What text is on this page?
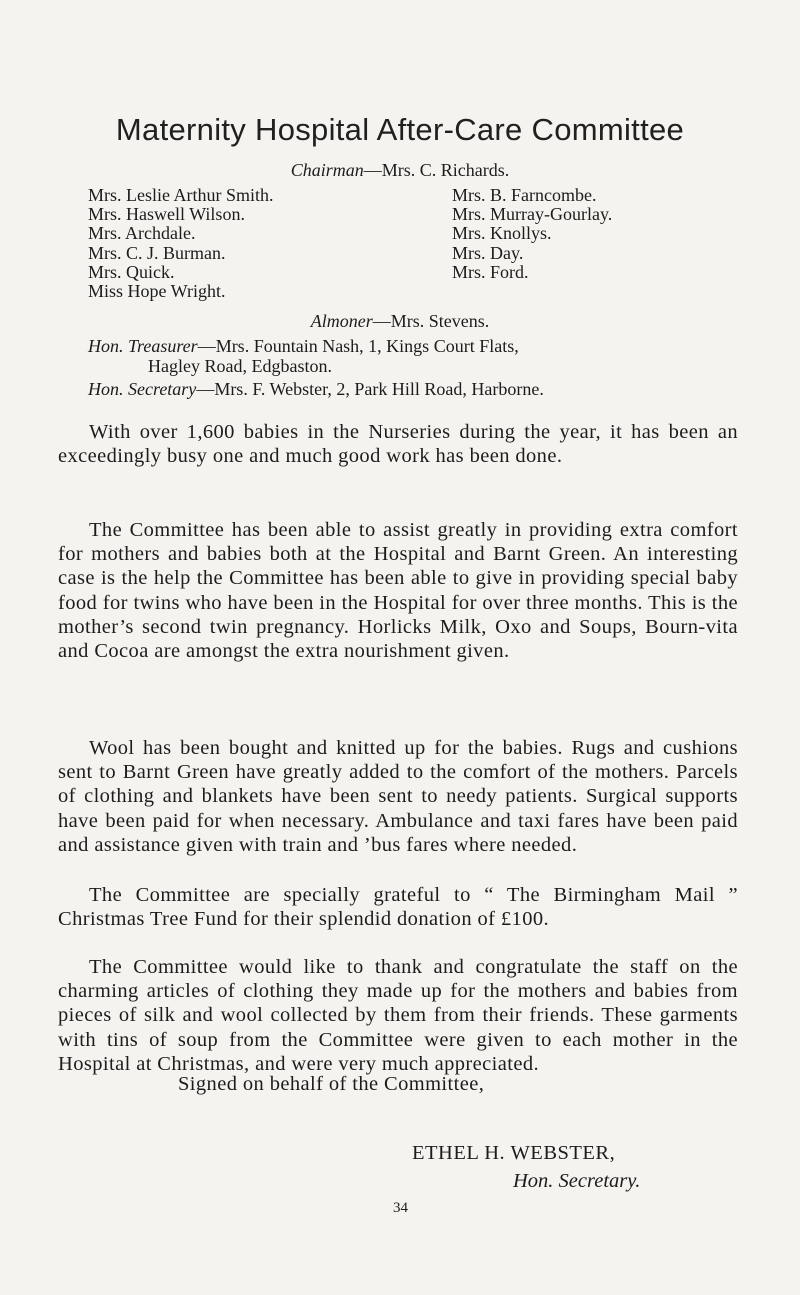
Maternity Hospital After-Care Committee
Chairman—Mrs. C. Richards.
Mrs. Leslie Arthur Smith.
Mrs. Haswell Wilson.
Mrs. Archdale.
Mrs. C. J. Burman.
Mrs. Quick.
Miss Hope Wright.
Mrs. B. Farncombe.
Mrs. Murray-Gourlay.
Mrs. Knollys.
Mrs. Day.
Mrs. Ford.
Almoner—Mrs. Stevens.
Hon. Treasurer—Mrs. Fountain Nash, 1, Kings Court Flats,
Hagley Road, Edgbaston.
Hon. Secretary—Mrs. F. Webster, 2, Park Hill Road, Harborne.

With over 1,600 babies in the Nurseries during the year, it has been an exceedingly busy one and much good work has been done.

The Committee has been able to assist greatly in providing extra comfort for mothers and babies both at the Hospital and Barnt Green. An interesting case is the help the Committee has been able to give in providing special baby food for twins who have been in the Hospital for over three months. This is the mother’s second twin pregnancy. Horlicks Milk, Oxo and Soups, Bourn-vita and Cocoa are amongst the extra nourishment given.

Wool has been bought and knitted up for the babies. Rugs and cushions sent to Barnt Green have greatly added to the comfort of the mothers. Parcels of clothing and blankets have been sent to needy patients. Surgical supports have been paid for when necessary. Ambulance and taxi fares have been paid and assistance given with train and ’bus fares where needed.

The Committee are specially grateful to “ The Birmingham Mail ” Christmas Tree Fund for their splendid donation of £100.

The Committee would like to thank and congratulate the staff on the charming articles of clothing they made up for the mothers and babies from pieces of silk and wool collected by them from their friends. These garments with tins of soup from the Committee were given to each mother in the Hospital at Christmas, and were very much appreciated.

Signed on behalf of the Committee,
ETHEL H. WEBSTER,
Hon. Secretary.
34
